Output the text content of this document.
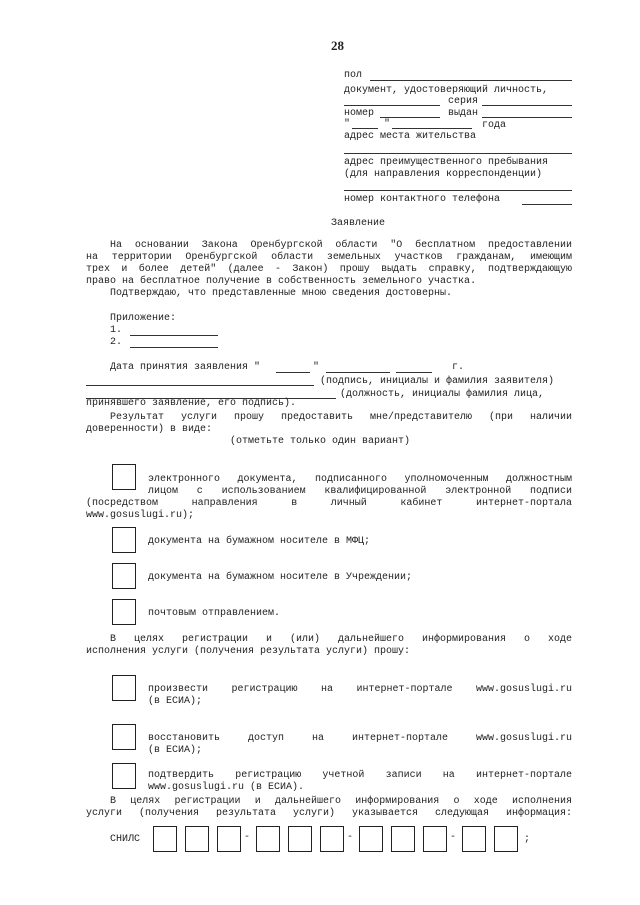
28
пол
документ, удостоверяющий личность,
серия
номер	выдан
"	"	года
адрес места жительства
адрес преимущественного пребывания
(для направления корреспонденции)
номер контактного телефона
Заявление
На основании Закона Оренбургской области "О бесплатном предоставлении
на территории Оренбургской области земельных участков гражданам, имеющим
трех и более детей" (далее - Закон) прошу выдать справку, подтверждающую
право на бесплатное получение в собственность земельного участка.
Подтверждаю, что представленные мною сведения достоверны.
Приложение:
1.
2.
Дата принятия заявления "	"	г.
(подпись, инициалы и фамилия заявителя)
(должность, инициалы фамилия лица,
принявшего заявление, его подпись).
Результат услуги прошу предоставить мне/представителю (при наличии
доверенности) в виде:
(отметьте только один вариант)
электронного документа, подписанного уполномоченным должностным
лицом с использованием квалифицированной электронной подписи
(посредством направления в личный кабинет интернет-портала
www.gosuslugi.ru);
документа на бумажном носителе в МФЦ;
документа на бумажном носителе в Учреждении;
почтовым отправлением.
В целях регистрации и (или) дальнейшего информирования о ходе
исполнения услуги (получения результата услуги) прошу:
произвести регистрацию на интернет-портале www.gosuslugi.ru
(в ЕСИА);
восстановить доступ на интернет-портале www.gosuslugi.ru
(в ЕСИА);
подтвердить регистрацию учетной записи на интернет-портале
www.gosuslugi.ru (в ЕСИА).
В целях регистрации и дальнейшего информирования о ходе исполнения
услуги (получения результата услуги) указывается следующая информация:
СНИЛС	-	-	-	;
